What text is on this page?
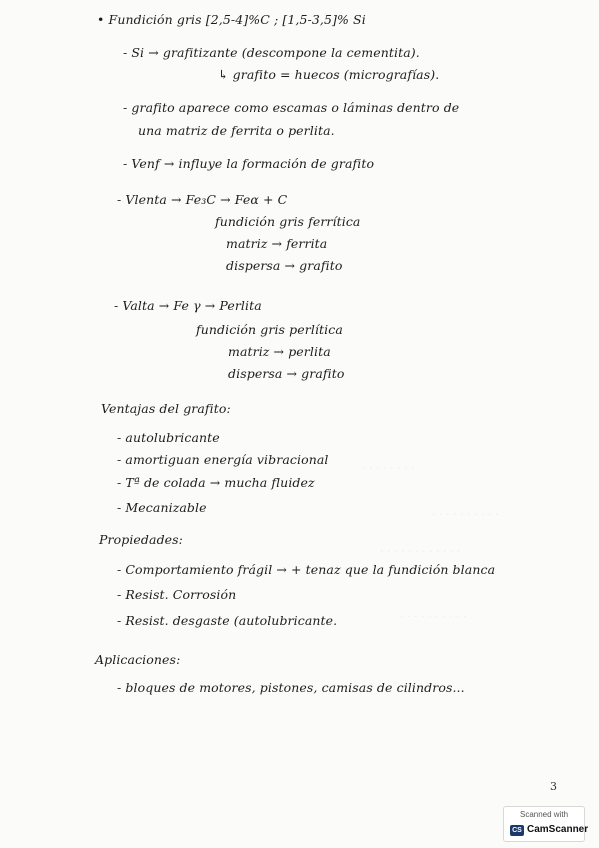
· · · · · · · ·
· · · · · · · · · ·
· · · · · · · · · · · ·
· · · · · · · · · ·
• Fundición gris [2,5-4]%C ; [1,5-3,5]% Si
- Si → grafitizante (descompone la cementita).
↳ grafito = huecos (micrografías).
- grafito aparece como escamas o láminas dentro de
una matriz de ferrita o perlita.
- Venf → influye la formación de grafito
- Vlenta → Fe₃C → Feα + C
fundición gris ferrítica
matriz → ferrita
dispersa → grafito
- Valta → Fe γ → Perlita
fundición gris perlítica
matriz → perlita
dispersa → grafito
Ventajas del grafito:
- autolubricante
- amortiguan energía vibracional
- Tª de colada → mucha fluidez
- Mecanizable
Propiedades:
- Comportamiento frágil → + tenaz que la fundición blanca
- Resist. Corrosión
- Resist. desgaste (autolubricante.
Aplicaciones:
- bloques de motores, pistones, camisas de cilindros...
3
Scanned with
CS CamScanner
